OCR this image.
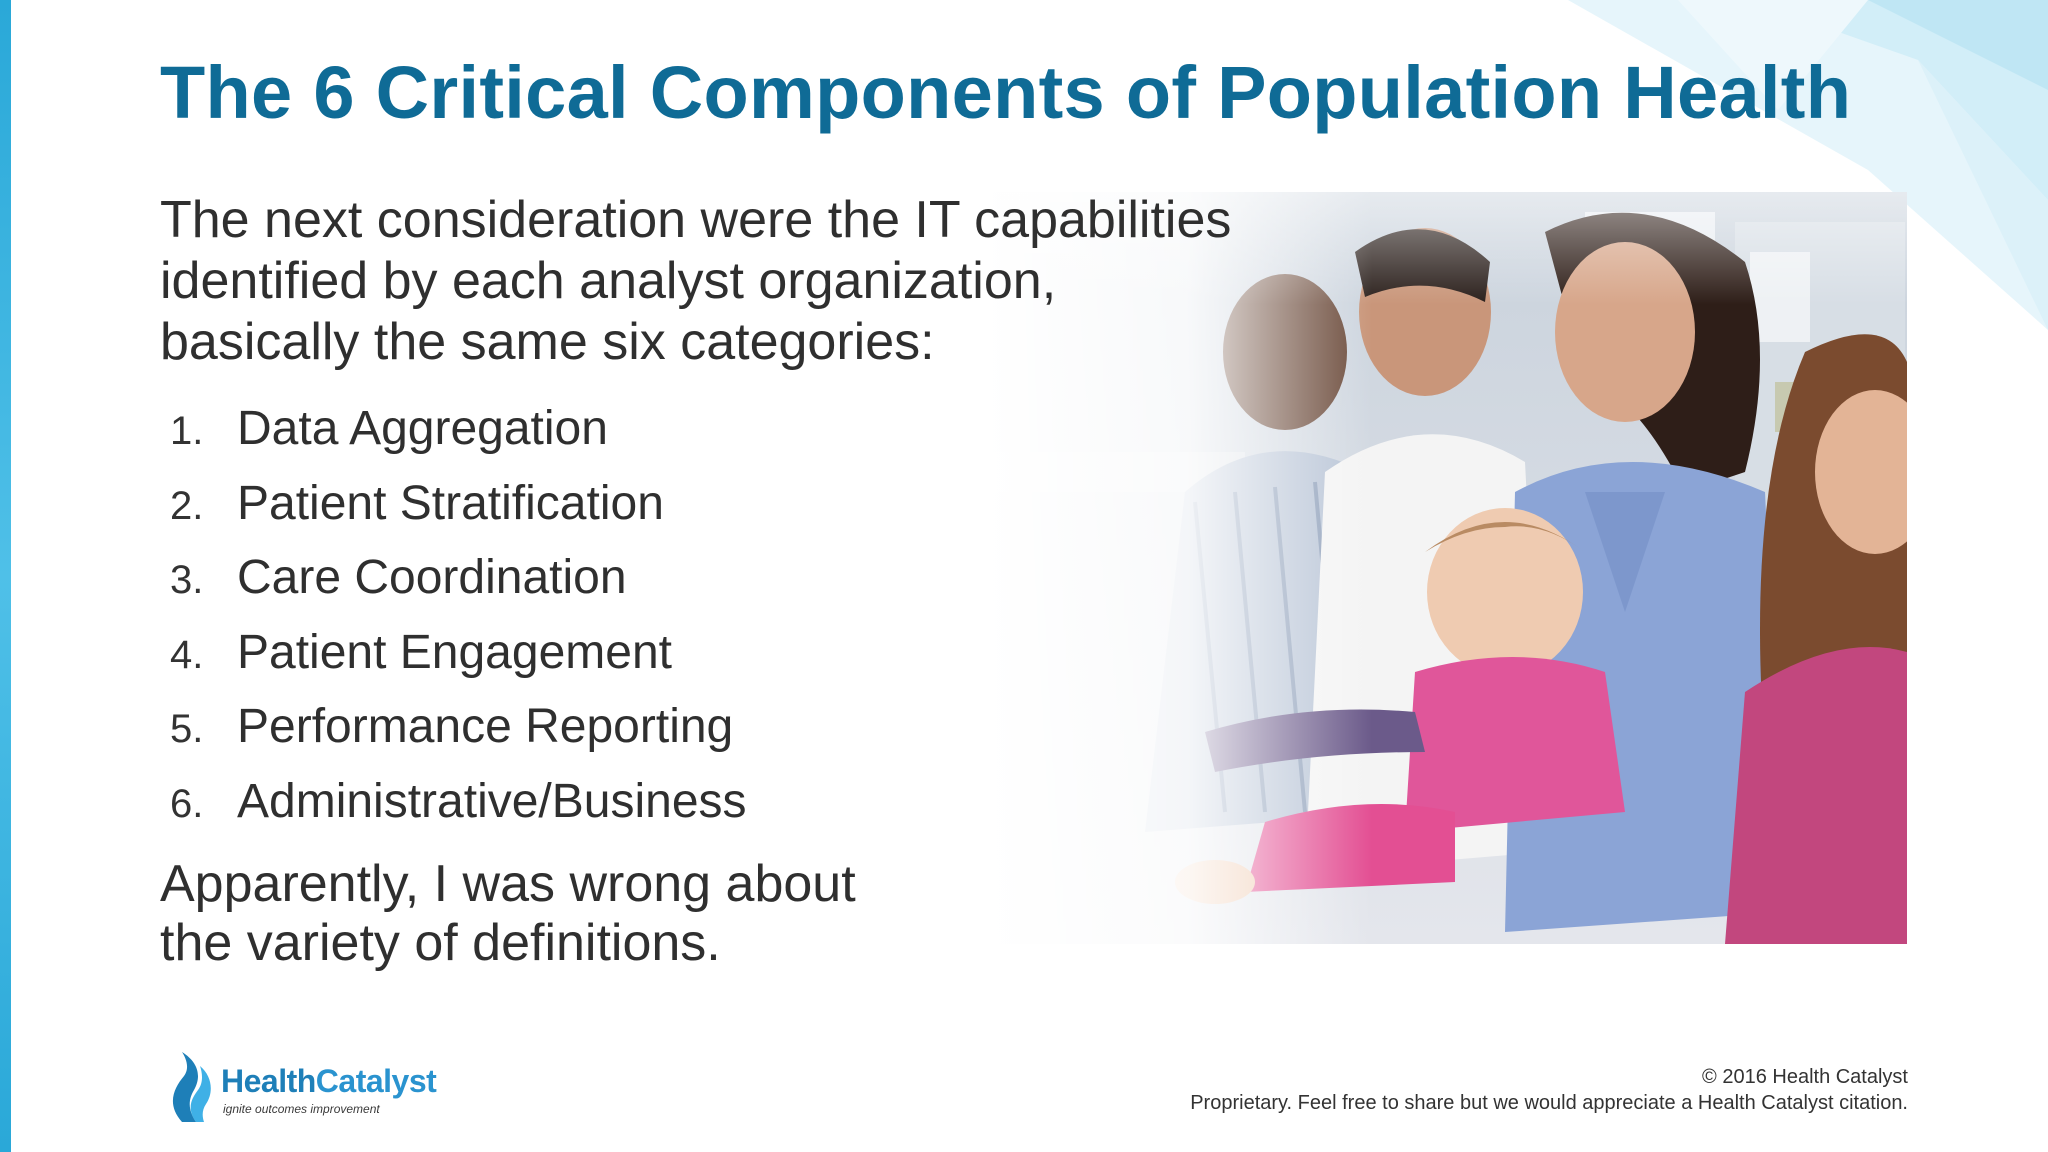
The 6 Critical Components of Population Health
The next consideration were the IT capabilities
identified by each analyst organization,
basically the same six categories:
1. Data Aggregation
2. Patient Stratification
3. Care Coordination
4. Patient Engagement
5. Performance Reporting
6. Administrative/Business
Apparently, I was wrong about
the variety of definitions.
HealthCatalyst
ignite outcomes improvement
© 2016 Health Catalyst
Proprietary. Feel free to share but we would appreciate a Health Catalyst citation.
